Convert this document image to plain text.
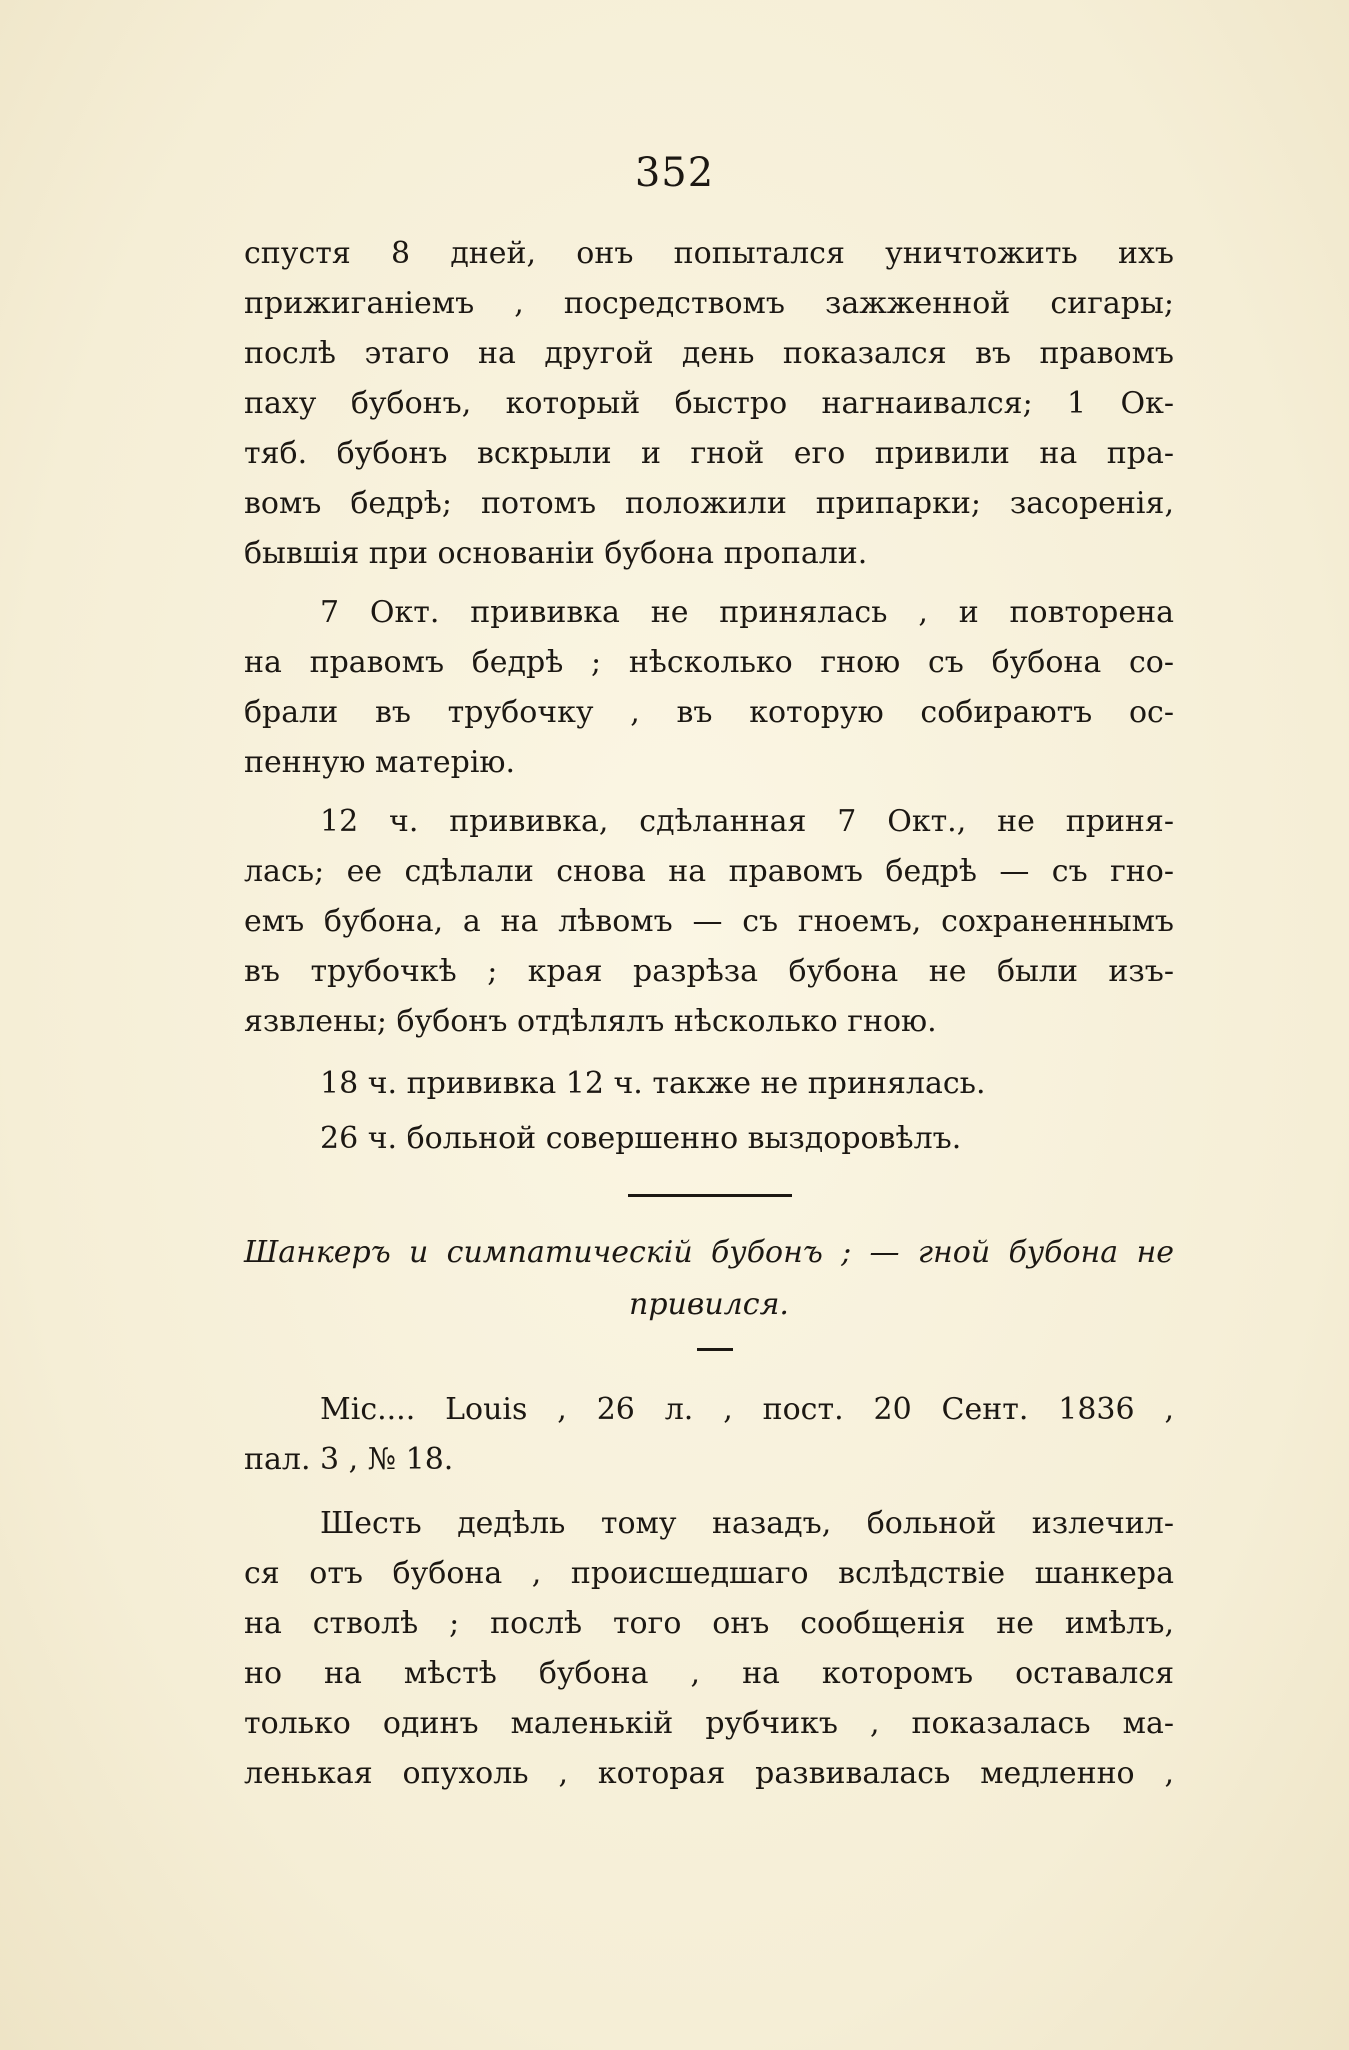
352
спустя 8 дней, онъ попытался уничтожить ихъ
прижиганіемъ , посредствомъ зажженной сигары;
послѣ этаго на другой день показался въ правомъ
паху бубонъ, который быстро нагнаивался; 1 Ок-
тяб. бубонъ вскрыли и гной его привили на пра-
вомъ бедрѣ; потомъ положили припарки; засоренія,
бывшія при основаніи бубона пропали.
7 Окт. прививка не принялась , и повторена
на правомъ бедрѣ ; нѣсколько гною съ бубона со-
брали въ трубочку , въ которую собираютъ ос-
пенную матерію.
12 ч. прививка, сдѣланная 7 Окт., не приня-
лась; ее сдѣлали снова на правомъ бедрѣ — съ гно-
емъ бубона, а на лѣвомъ — съ гноемъ, сохраненнымъ
въ трубочкѣ ; края разрѣза бубона не были изъ-
язвлены; бубонъ отдѣлялъ нѣсколько гною.
18 ч. прививка 12 ч. также не принялась.
26 ч. больной совершенно выздоровѣлъ.
Шанкеръ и симпатическій бубонъ ; — гной бубона не
привился.
Mic.... Louis , 26 л. , пост. 20 Сент. 1836 ,
пал. 3 , № 18.
Шесть дедѣль тому назадъ, больной излечил-
ся отъ бубона , происшедшаго вслѣдствіе шанкера
на стволѣ ; послѣ того онъ сообщенія не имѣлъ,
но на мѣстѣ бубона , на которомъ оставался
только одинъ маленькій рубчикъ , показалась ма-
ленькая опухоль , которая развивалась медленно ,
